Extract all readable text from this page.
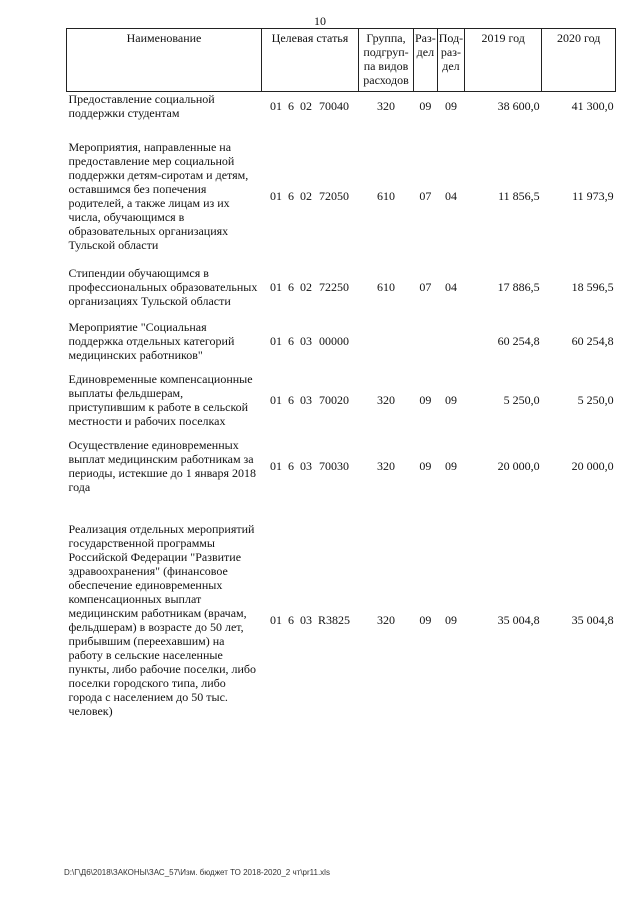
10
Наименование	Целевая статья	Группа, подгруп-па видов расходов	Раз-дел	Под-раз-дел	2019 год	2020 год
Предоставление социальной поддержки студентам	01 6 02 70040	320	09	09	38 600,0	41 300,0

Мероприятия, направленные на предоставление мер социальной поддержки детям-сиротам и детям, оставшимся без попечения родителей, а также лицам из их числа, обучающимся в образовательных организациях Тульской области	01 6 02 72050	610	07	04	11 856,5	11 973,9

Стипендии обучающимся в профессиональных образовательных организациях Тульской области	01 6 02 72250	610	07	04	17 886,5	18 596,5

Мероприятие "Социальная поддержка отдельных категорий медицинских работников"	01 6 03 00000				60 254,8	60 254,8

Единовременные компенсационные выплаты фельдшерам, приступившим к работе в сельской местности и рабочих поселках	01 6 03 70020	320	09	09	5 250,0	5 250,0

Осуществление единовременных выплат медицинским работникам за периоды, истекшие до 1 января 2018 года	01 6 03 70030	320	09	09	20 000,0	20 000,0

Реализация отдельных мероприятий государственной программы Российской Федерации "Развитие здравоохранения" (финансовое обеспечение единовременных компенсационных выплат медицинским работникам (врачам, фельдшерам) в возрасте до 50 лет, прибывшим (переехавшим) на работу в сельские населенные пункты, либо рабочие поселки, либо поселки городского типа, либо города с населением до 50 тыс. человек)	01 6 03 R3825	320	09	09	35 004,8	35 004,8
D:\Г\Д6\2018\ЗАКОНЫ\ЗАС_57\Изм. бюджет ТО 2018-2020_2 чт\pr11.xls
